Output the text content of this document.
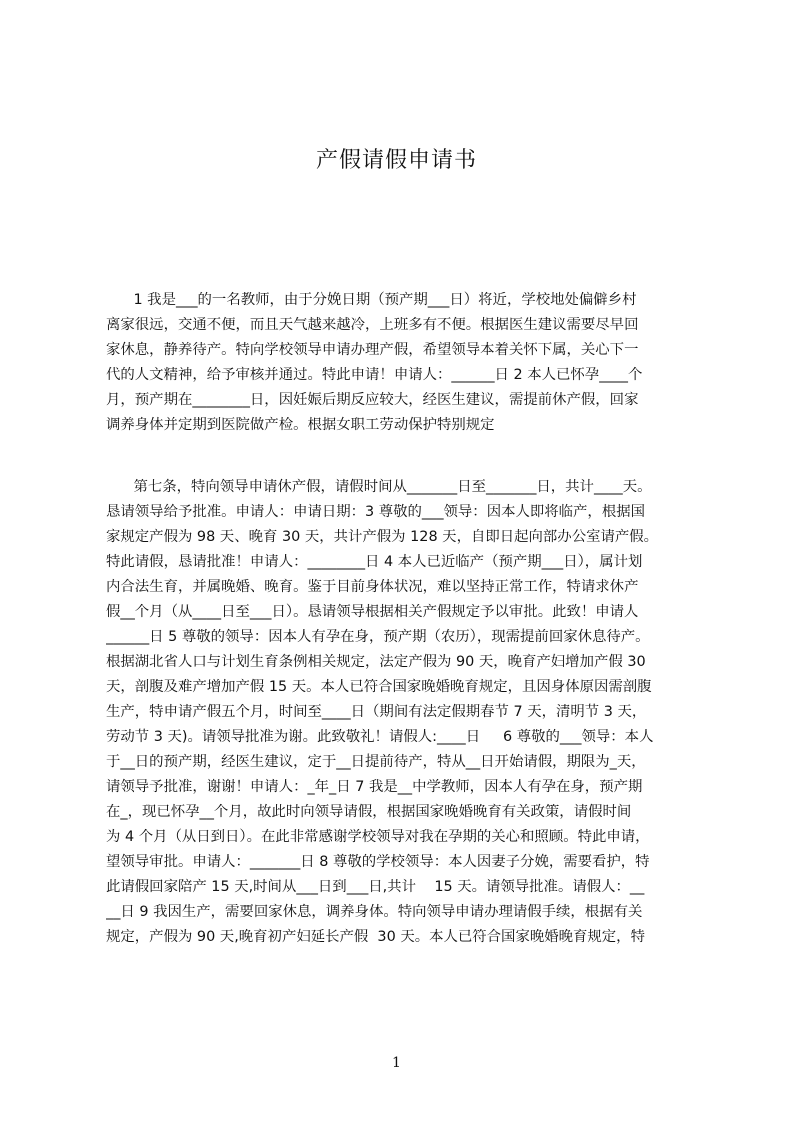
产假请假申请书
1 我是___的一名教师，由于分娩日期（预产期___日）将近，学校地处偏僻乡村
离家很远，交通不便，而且天气越来越冷，上班多有不便。根据医生建议需要尽早回
家休息，静养待产。特向学校领导申请办理产假，希望领导本着关怀下属，关心下一
代的人文精神，给予审核并通过。特此申请！申请人：______日 2 本人已怀孕____个
月，预产期在________日，因妊娠后期反应较大，经医生建议，需提前休产假，回家
调养身体并定期到医院做产检。根据女职工劳动保护特别规定
第七条，特向领导申请休产假，请假时间从_______日至_______日，共计____天。
恳请领导给予批准。申请人：申请日期：3 尊敬的___领导：因本人即将临产，根据国
家规定产假为 98 天、晚育 30 天，共计产假为 128 天，自即日起向部办公室请产假。
特此请假，恳请批准！申请人：________日 4 本人已近临产（预产期___日），属计划
内合法生育，并属晚婚、晚育。鉴于目前身体状况，难以坚持正常工作，特请求休产
假__个月（从____日至___日）。恳请领导根据相关产假规定予以审批。此致！申请人
______日 5 尊敬的领导：因本人有孕在身，预产期（农历），现需提前回家休息待产。
根据湖北省人口与计划生育条例相关规定，法定产假为 90 天，晚育产妇增加产假 30
天，剖腹及难产增加产假 15 天。本人已符合国家晚婚晚育规定，且因身体原因需剖腹
生产，特申请产假五个月，时间至____日（期间有法定假期春节 7 天，清明节 3 天，
劳动节 3 天)。请领导批准为谢。此致敬礼！请假人:____日     6 尊敬的___领导：本人
于__日的预产期，经医生建议，定于__日提前待产，特从__日开始请假，期限为_天，
请领导予批准，谢谢！申请人：_年_日 7 我是__中学教师，因本人有孕在身，预产期
在_，现已怀孕__个月，故此时向领导请假，根据国家晚婚晚育有关政策，请假时间
为 4 个月（从日到日）。在此非常感谢学校领导对我在孕期的关心和照顾。特此申请，
望领导审批。申请人：_______日 8 尊敬的学校领导：本人因妻子分娩，需要看护，特
此请假回家陪产 15 天,时间从___日到___日,共计    15 天。请领导批准。请假人：__
__日 9 我因生产，需要回家休息，调养身体。特向领导申请办理请假手续，根据有关
规定，产假为 90 天,晚育初产妇延长产假  30 天。本人已符合国家晚婚晚育规定，特
1
